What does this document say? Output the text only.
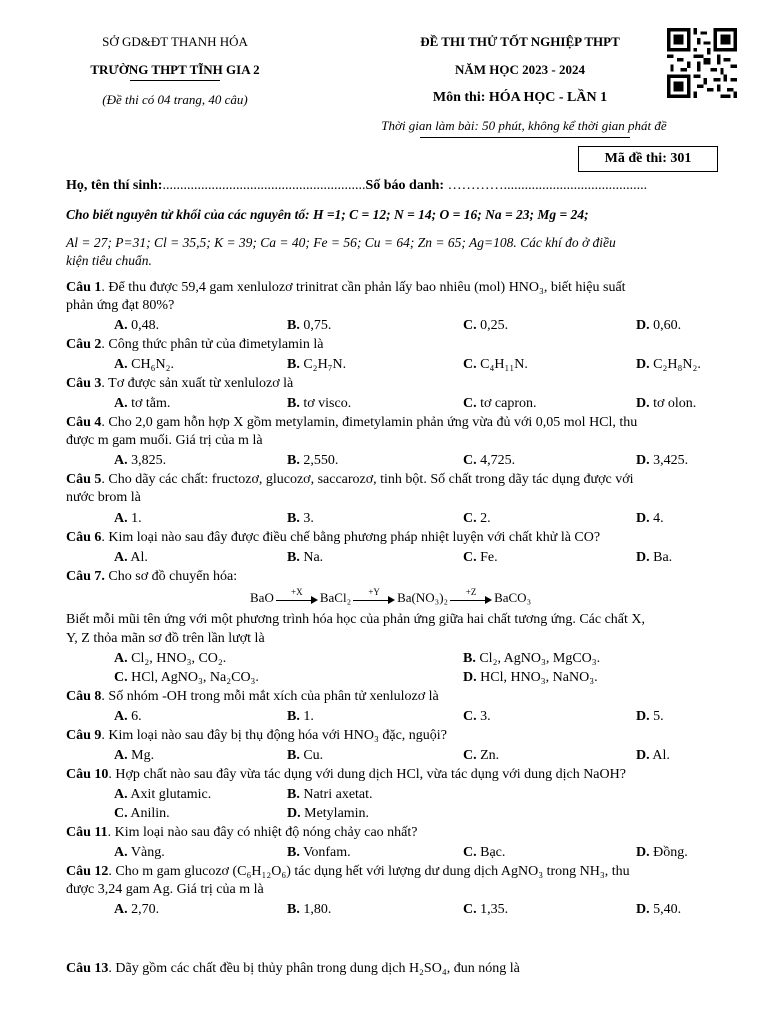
SỞ GD&ĐT THANH HÓA
TRƯỜNG THPT TĨNH GIA 2
(Đề thi có 04 trang, 40 câu)
ĐỀ THI THỬ TỐT NGHIỆP THPT
NĂM HỌC 2023 - 2024
Môn thi: HÓA HỌC - LẦN 1
Thời gian làm bài: 50 phút, không kể thời gian phát đề
Mã đề thi: 301
Họ, tên thí sinh:..........................................................Số báo danh: ………….........................................
Cho biết nguyên tử khối của các nguyên tố: H =1; C = 12; N = 14; O = 16; Na = 23; Mg = 24;
Al = 27; P=31; Cl = 35,5; K = 39; Ca = 40; Fe = 56; Cu = 64; Zn = 65; Ag=108. Các khí đo ở điều
kiện tiêu chuẩn.
Câu 1. Để thu được 59,4 gam xenlulozơ trinitrat cần phản lấy bao nhiêu (mol) HNO₃, biết hiệu suất
phản ứng đạt 80%?
A. 0,48.	B. 0,75.	C. 0,25.	D. 0,60.
Câu 2. Công thức phân tử của đimetylamin là
A. CH₆N₂.	B. C₂H₇N.	C. C₄H₁₁N.	D. C₂H₈N₂.
Câu 3. Tơ được sản xuất từ xenlulozơ là
A. tơ tằm.	B. tơ visco.	C. tơ capron.	D. tơ olon.
Câu 4. Cho 2,0 gam hỗn hợp X gồm metylamin, đimetylamin phản ứng vừa đủ với 0,05 mol HCl, thu
được m gam muối. Giá trị của m là
A. 3,825.	B. 2,550.	C. 4,725.	D. 3,425.
Câu 5. Cho dãy các chất: fructozơ, glucozơ, saccarozơ, tinh bột. Số chất trong dãy tác dụng được với
nước brom là
A. 1.	B. 3.	C. 2.	D. 4.
Câu 6. Kim loại nào sau đây được điều chế bằng phương pháp nhiệt luyện với chất khử là CO?
A. Al.	B. Na.	C. Fe.	D. Ba.
Câu 7. Cho sơ đồ chuyển hóa:
BaO	+X	BaCl₂	+Y	Ba(NO₃)₂	+Z	BaCO₃
Biết mỗi mũi tên ứng với một phương trình hóa học của phản ứng giữa hai chất tương ứng. Các chất X,
Y, Z thỏa mãn sơ đồ trên lần lượt là
A. Cl₂, HNO₃, CO₂.	B. Cl₂, AgNO₃, MgCO₃.
C. HCl, AgNO₃, Na₂CO₃.	D. HCl, HNO₃, NaNO₃.
Câu 8. Số nhóm -OH trong mỗi mắt xích của phân tử xenlulozơ là
A. 6.	B. 1.	C. 3.	D. 5.
Câu 9. Kim loại nào sau đây bị thụ động hóa với HNO₃ đặc, nguội?
A. Mg.	B. Cu.	C. Zn.	D. Al.
Câu 10. Hợp chất nào sau đây vừa tác dụng với dung dịch HCl, vừa tác dụng với dung dịch NaOH?
A. Axit glutamic.	B. Natri axetat.
C. Anilin.	D. Metylamin.
Câu 11. Kim loại nào sau đây có nhiệt độ nóng chảy cao nhất?
A. Vàng.	B. Vonfam.	C. Bạc.	D. Đồng.
Câu 12. Cho m gam glucozơ (C₆H₁₂O₆) tác dụng hết với lượng dư dung dịch AgNO₃ trong NH₃, thu
được 3,24 gam Ag. Giá trị của m là
A. 2,70.	B. 1,80.	C. 1,35.	D. 5,40.
Câu 13. Dãy gồm các chất đều bị thủy phân trong dung dịch H₂SO₄, đun nóng là
